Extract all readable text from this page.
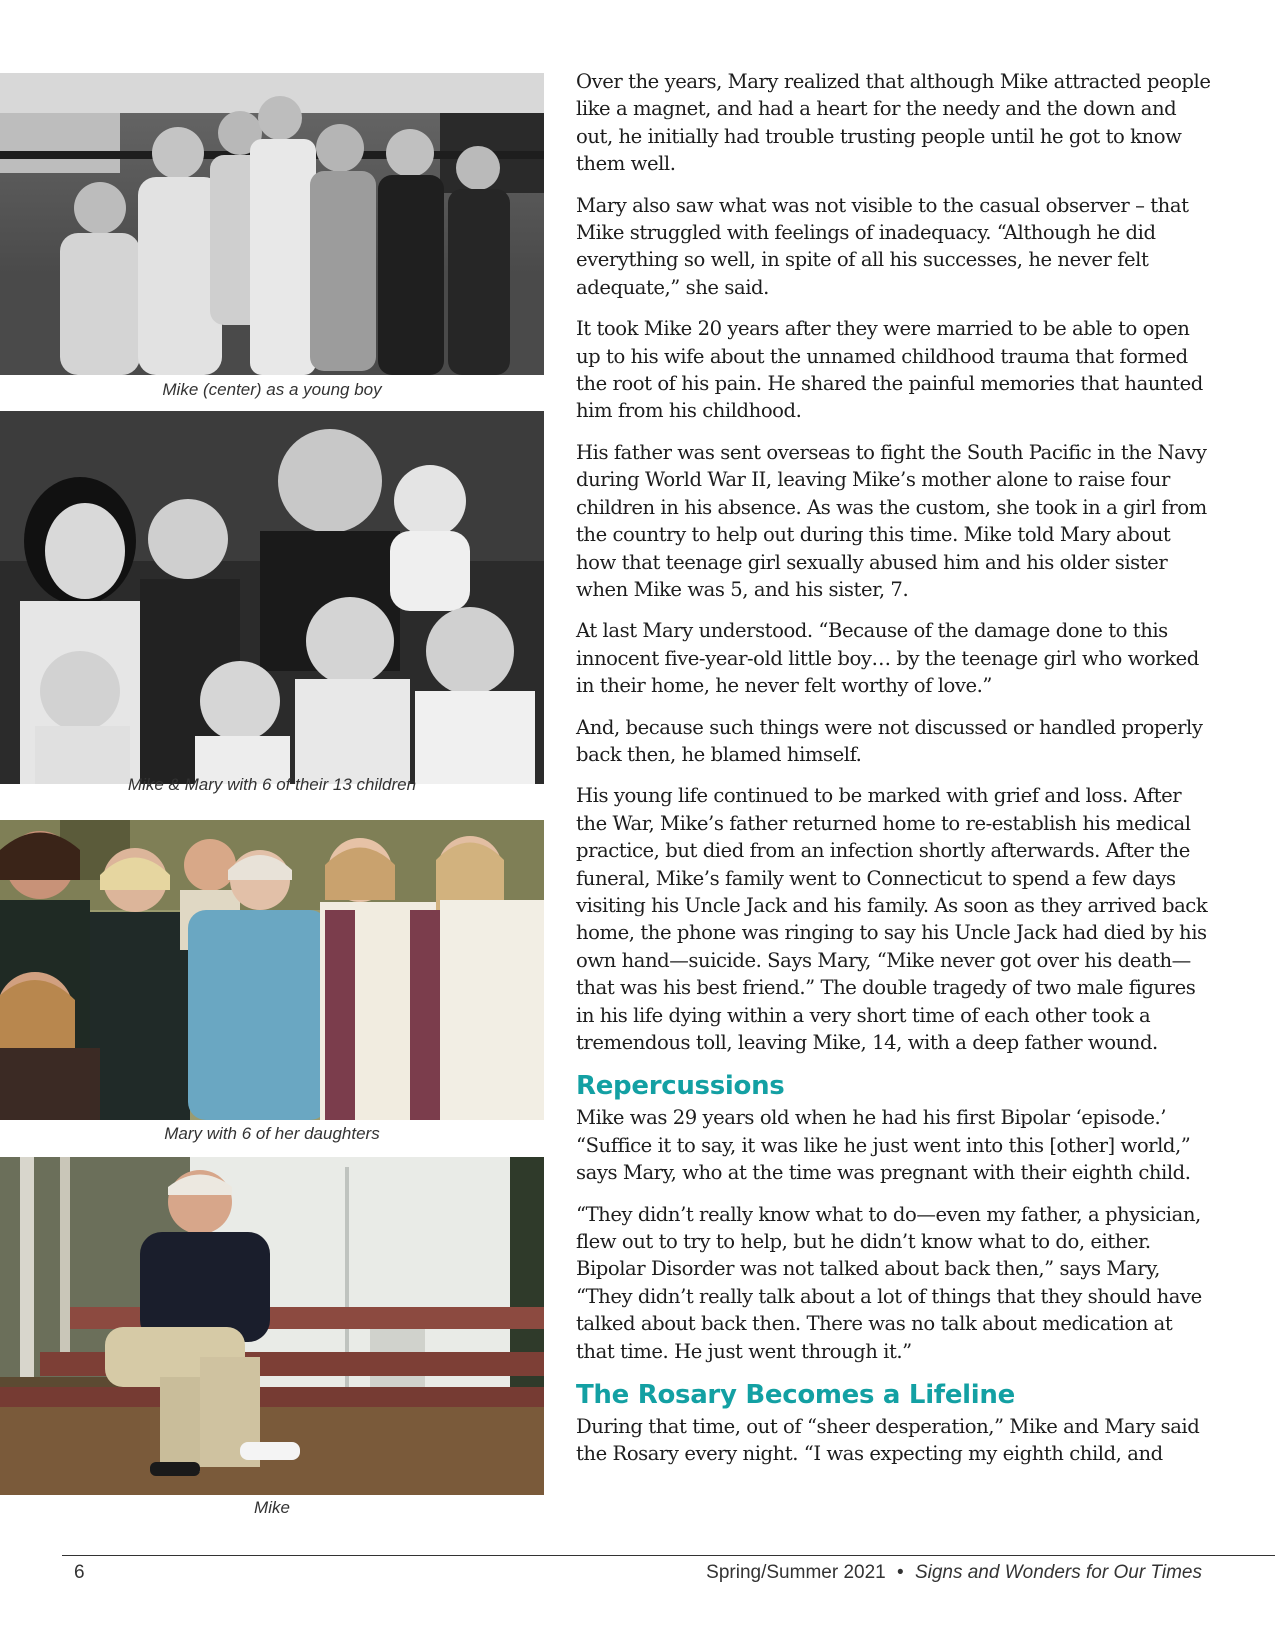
Mike (center) as a young boy
Mike & Mary with 6 of their 13 children
Mary with 6 of her daughters
Mike

Over the years, Mary realized that although Mike attracted people like a magnet, and had a heart for the needy and the down and out, he initially had trouble trusting people until he got to know them well.

Mary also saw what was not visible to the casual observer – that Mike struggled with feelings of inadequacy. “Although he did everything so well, in spite of all his successes, he never felt adequate,” she said.

It took Mike 20 years after they were married to be able to open up to his wife about the unnamed childhood trauma that formed the root of his pain. He shared the painful memories that haunted him from his childhood.

His father was sent overseas to fight the South Pacific in the Navy during World War II, leaving Mike’s mother alone to raise four children in his absence. As was the custom, she took in a girl from the country to help out during this time. Mike told Mary about how that teenage girl sexually abused him and his older sister when Mike was 5, and his sister, 7.

At last Mary understood. “Because of the damage done to this innocent five-year-old little boy… by the teenage girl who worked in their home, he never felt worthy of love.”

And, because such things were not discussed or handled properly back then, he blamed himself.

His young life continued to be marked with grief and loss. After the War, Mike’s father returned home to re-establish his medical practice, but died from an infection shortly afterwards. After the funeral, Mike’s family went to Connecticut to spend a few days visiting his Uncle Jack and his family. As soon as they arrived back home, the phone was ringing to say his Uncle Jack had died by his own hand—suicide. Says Mary, “Mike never got over his death—that was his best friend.” The double tragedy of two male figures in his life dying within a very short time of each other took a tremendous toll, leaving Mike, 14, with a deep father wound.

Repercussions

Mike was 29 years old when he had his first Bipolar ‘episode.’ “Suffice it to say, it was like he just went into this [other] world,” says Mary, who at the time was pregnant with their eighth child.

“They didn’t really know what to do—even my father, a physician, flew out to try to help, but he didn’t know what to do, either. Bipolar Disorder was not talked about back then,” says Mary, “They didn’t really talk about a lot of things that they should have talked about back then. There was no talk about medication at that time. He just went through it.”

The Rosary Becomes a Lifeline

During that time, out of “sheer desperation,” Mike and Mary said the Rosary every night. “I was expecting my eighth child, and

6	Spring/Summer 2021 • Signs and Wonders for Our Times
